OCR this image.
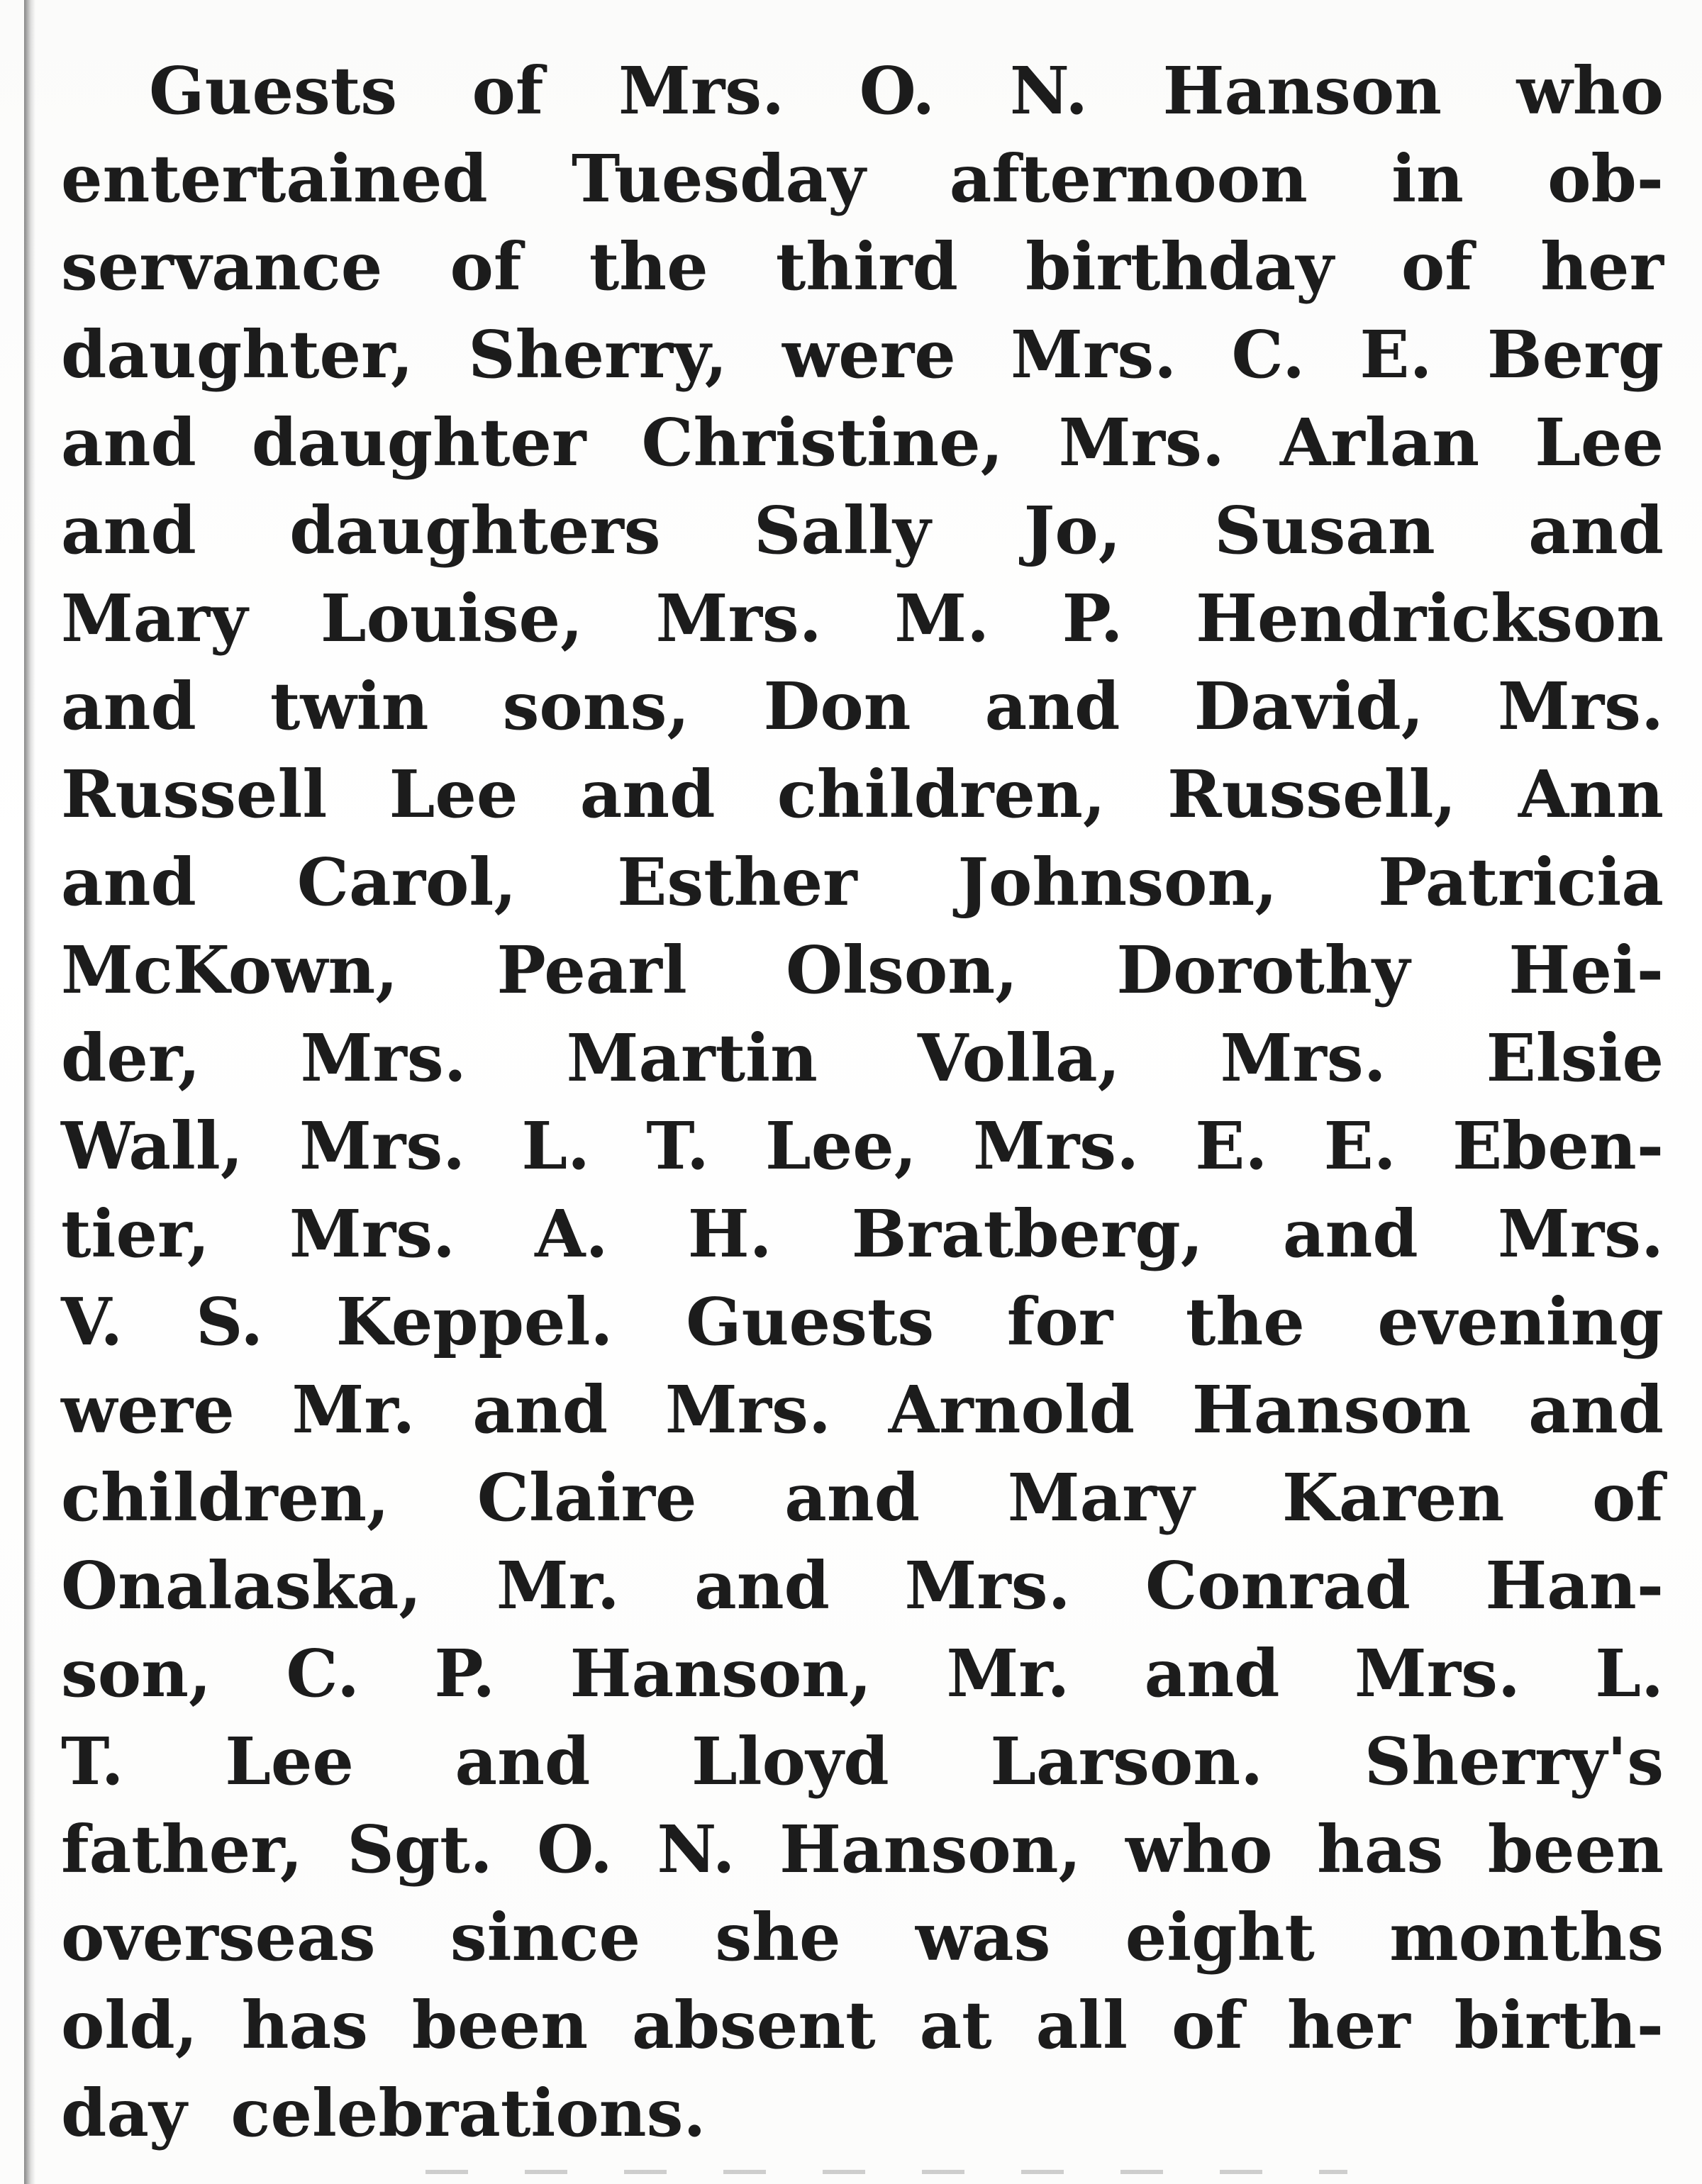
Guests of Mrs. O. N. Hanson who
entertained Tuesday afternoon in ob-
servance of the third birthday of her
daughter, Sherry, were Mrs. C. E. Berg
and daughter Christine, Mrs. Arlan Lee
and daughters Sally Jo, Susan and
Mary Louise, Mrs. M. P. Hendrickson
and twin sons, Don and David, Mrs.
Russell Lee and children, Russell, Ann
and Carol, Esther Johnson, Patricia
McKown, Pearl Olson, Dorothy Hei-
der, Mrs. Martin Volla, Mrs. Elsie
Wall, Mrs. L. T. Lee, Mrs. E. E. Eben-
tier, Mrs. A. H. Bratberg, and Mrs.
V. S. Keppel. Guests for the evening
were Mr. and Mrs. Arnold Hanson and
children, Claire and Mary Karen of
Onalaska, Mr. and Mrs. Conrad Han-
son, C. P. Hanson, Mr. and Mrs. L.
T. Lee and Lloyd Larson. Sherry's
father, Sgt. O. N. Hanson, who has been
overseas since she was eight months
old, has been absent at all of her birth-
day celebrations.
